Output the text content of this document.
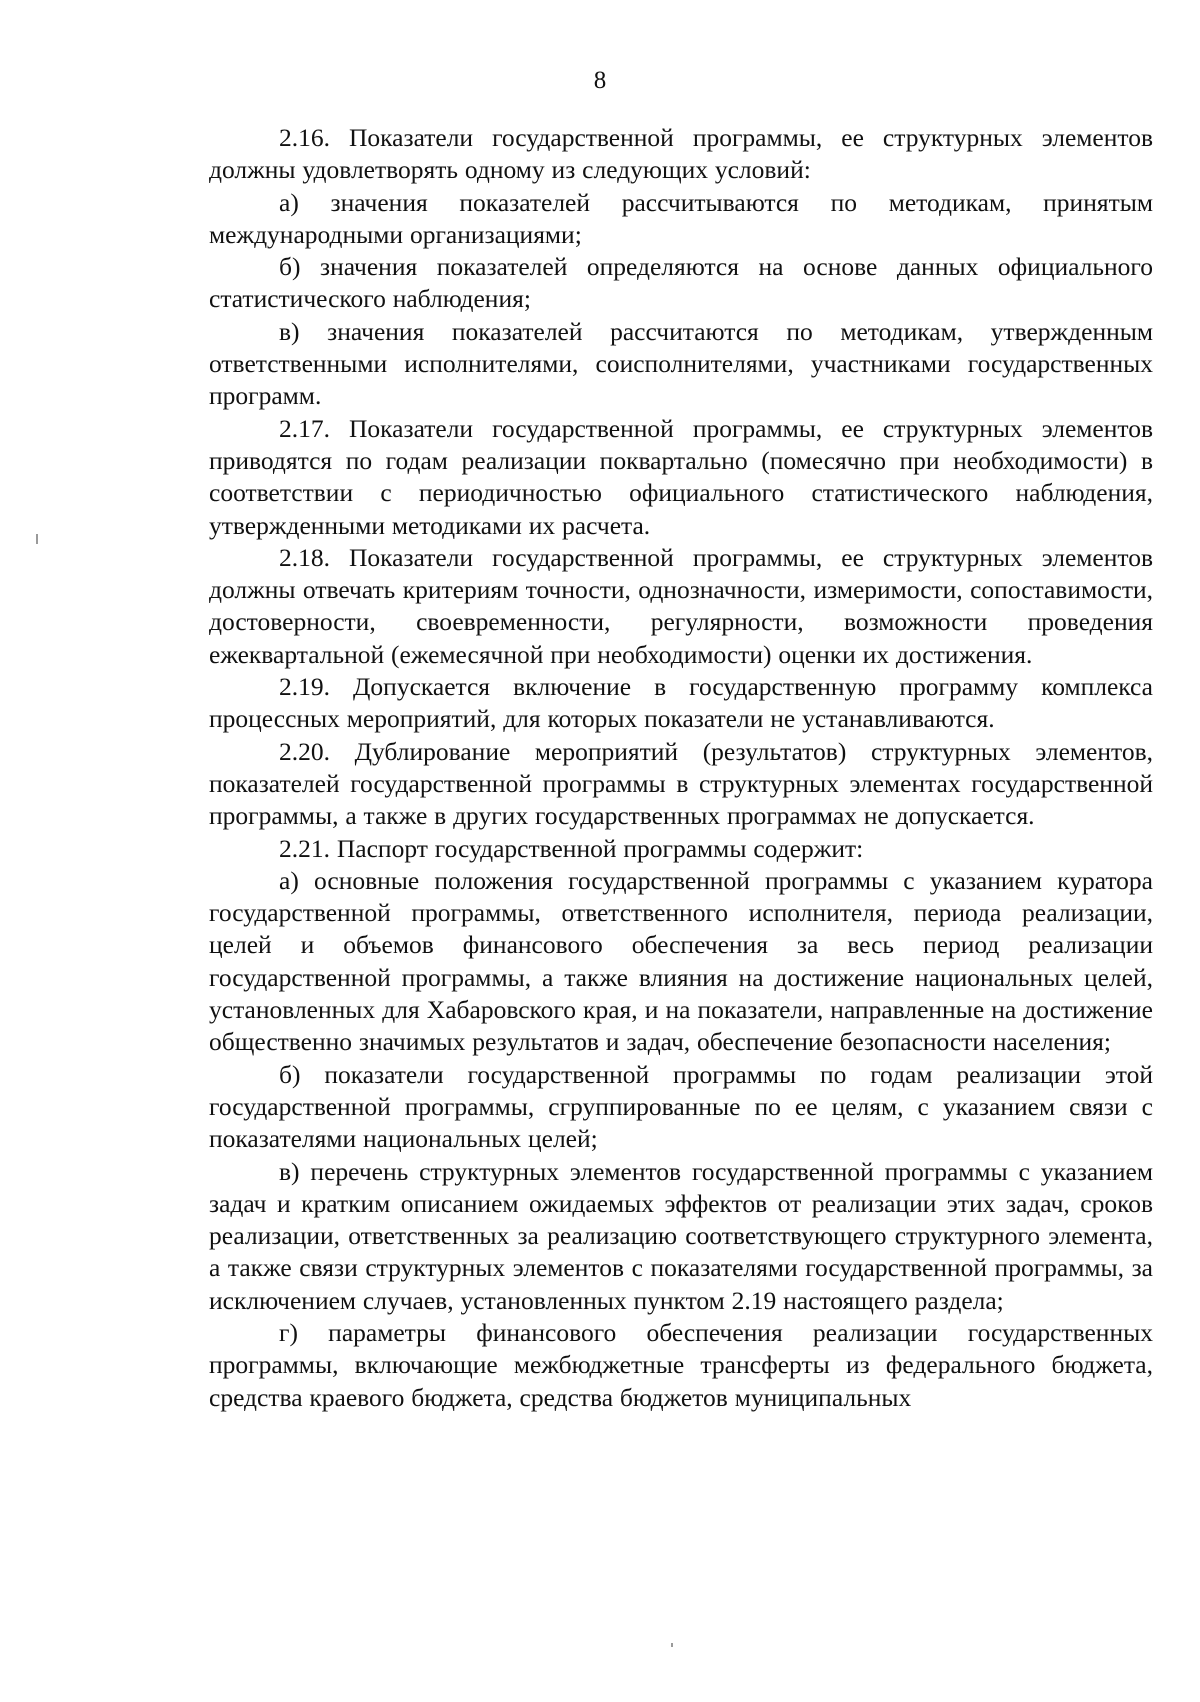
8

2.16. Показатели государственной программы, ее структурных элементов должны удовлетворять одному из следующих условий:

а) значения показателей рассчитываются по методикам, принятым международными организациями;

б) значения показателей определяются на основе данных официального статистического наблюдения;

в) значения показателей рассчитаются по методикам, утвержденным ответственными исполнителями, соисполнителями, участниками государственных программ.

2.17. Показатели государственной программы, ее структурных элементов приводятся по годам реализации поквартально (помесячно при необходимости) в соответствии с периодичностью официального статистического наблюдения, утвержденными методиками их расчета.

2.18. Показатели государственной программы, ее структурных элементов должны отвечать критериям точности, однозначности, измеримости, сопоставимости, достоверности, своевременности, регулярности, возможности проведения ежеквартальной (ежемесячной при необходимости) оценки их достижения.

2.19. Допускается включение в государственную программу комплекса процессных мероприятий, для которых показатели не устанавливаются.

2.20. Дублирование мероприятий (результатов) структурных элементов, показателей государственной программы в структурных элементах государственной программы, а также в других государственных программах не допускается.

2.21. Паспорт государственной программы содержит:

а) основные положения государственной программы с указанием куратора государственной программы, ответственного исполнителя, периода реализации, целей и объемов финансового обеспечения за весь период реализации государственной программы, а также влияния на достижение национальных целей, установленных для Хабаровского края, и на показатели, направленные на достижение общественно значимых результатов и задач, обеспечение безопасности населения;

б) показатели государственной программы по годам реализации этой государственной программы, сгруппированные по ее целям, с указанием связи с показателями национальных целей;

в) перечень структурных элементов государственной программы с указанием задач и кратким описанием ожидаемых эффектов от реализации этих задач, сроков реализации, ответственных за реализацию соответствующего структурного элемента, а также связи структурных элементов с показателями государственной программы, за исключением случаев, установленных пунктом 2.19 настоящего раздела;

г) параметры финансового обеспечения реализации государственных программы, включающие межбюджетные трансферты из федерального бюджета, средства краевого бюджета, средства бюджетов муниципальных
